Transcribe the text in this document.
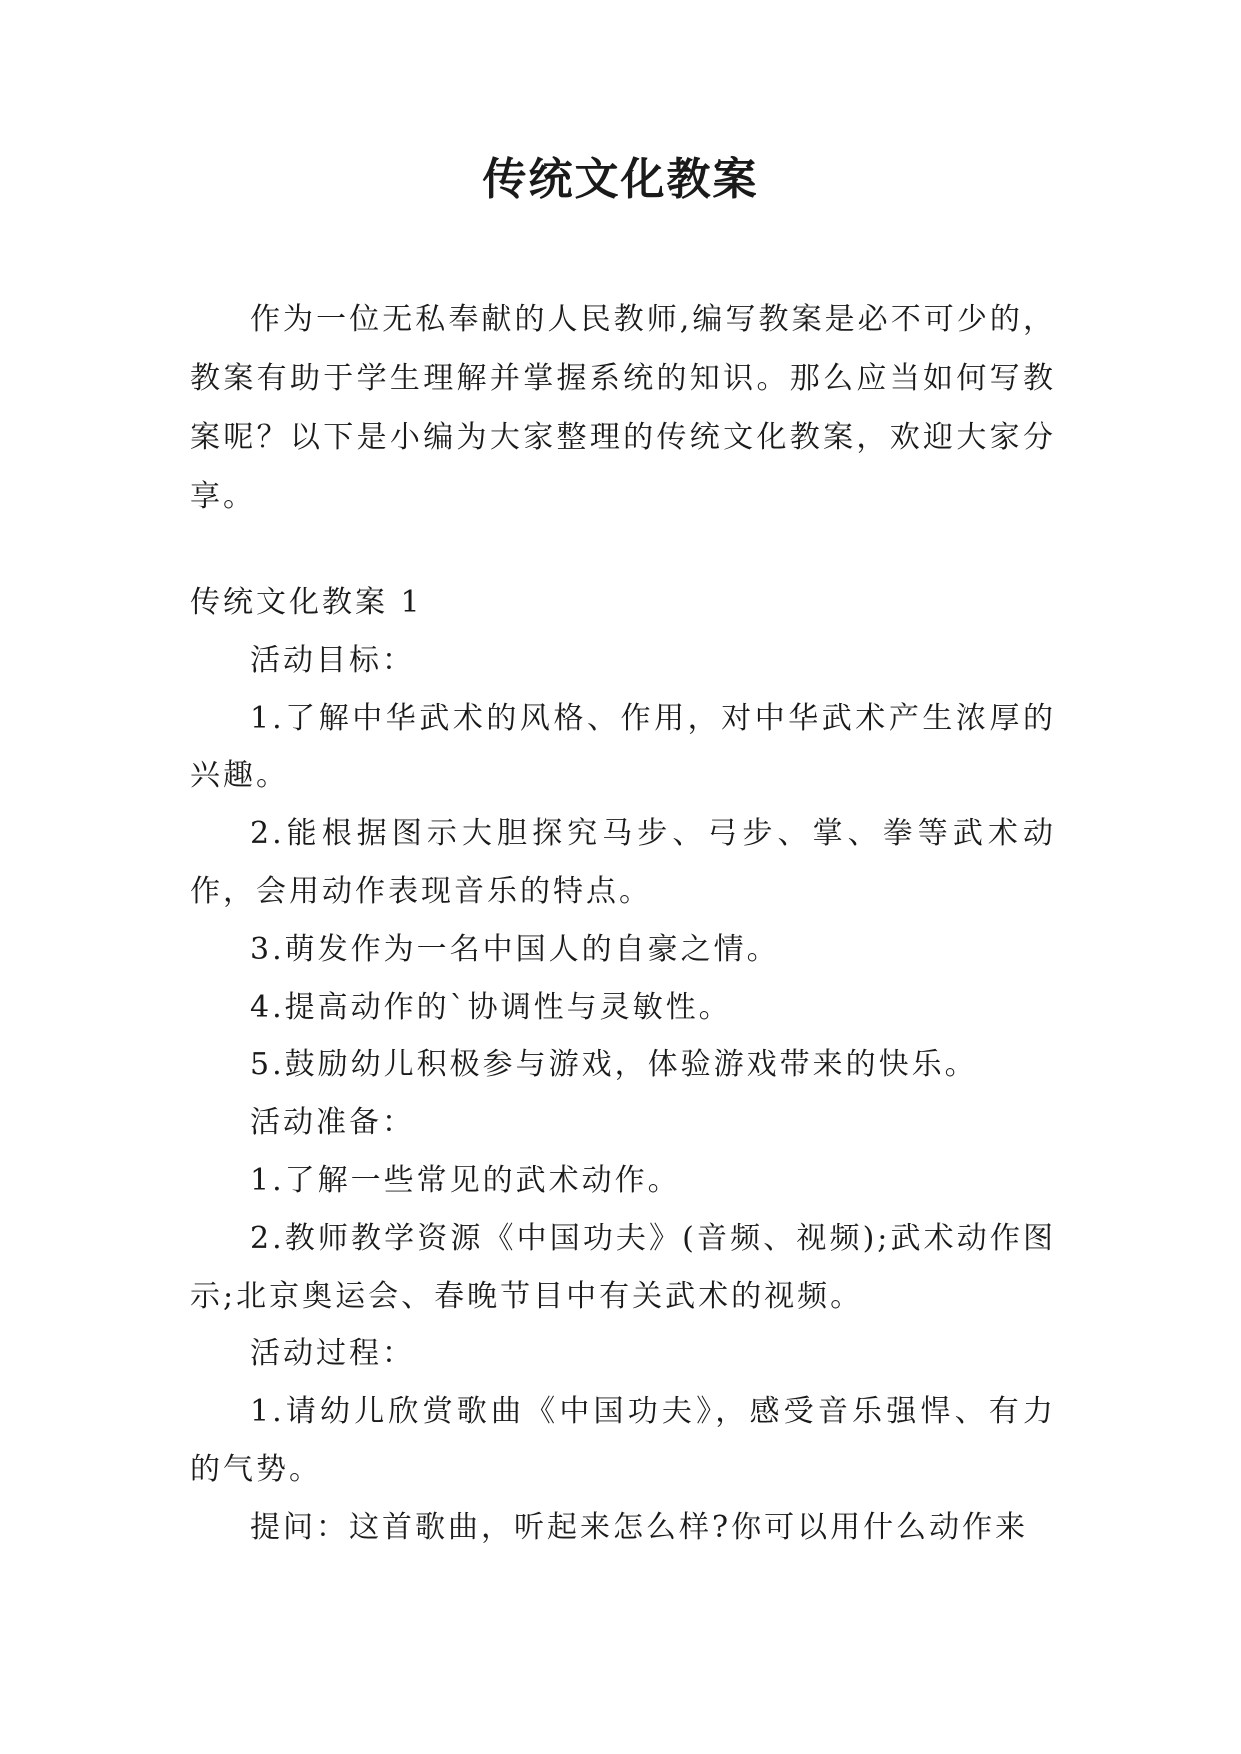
传统文化教案

作为一位无私奉献的人民教师,编写教案是必不可少的，教案有助于学生理解并掌握系统的知识。那么应当如何写教案呢？以下是小编为大家整理的传统文化教案，欢迎大家分享。

传统文化教案 1

活动目标：

1.了解中华武术的风格、作用，对中华武术产生浓厚的兴趣。

2.能根据图示大胆探究马步、弓步、掌、拳等武术动作，会用动作表现音乐的特点。

3.萌发作为一名中国人的自豪之情。

4.提高动作的`协调性与灵敏性。

5.鼓励幼儿积极参与游戏，体验游戏带来的快乐。

活动准备：

1.了解一些常见的武术动作。

2.教师教学资源《中国功夫》(音频、视频);武术动作图示;北京奥运会、春晚节目中有关武术的视频。

活动过程：

1.请幼儿欣赏歌曲《中国功夫》，感受音乐强悍、有力的气势。

提问：这首歌曲，听起来怎么样?你可以用什么动作来
